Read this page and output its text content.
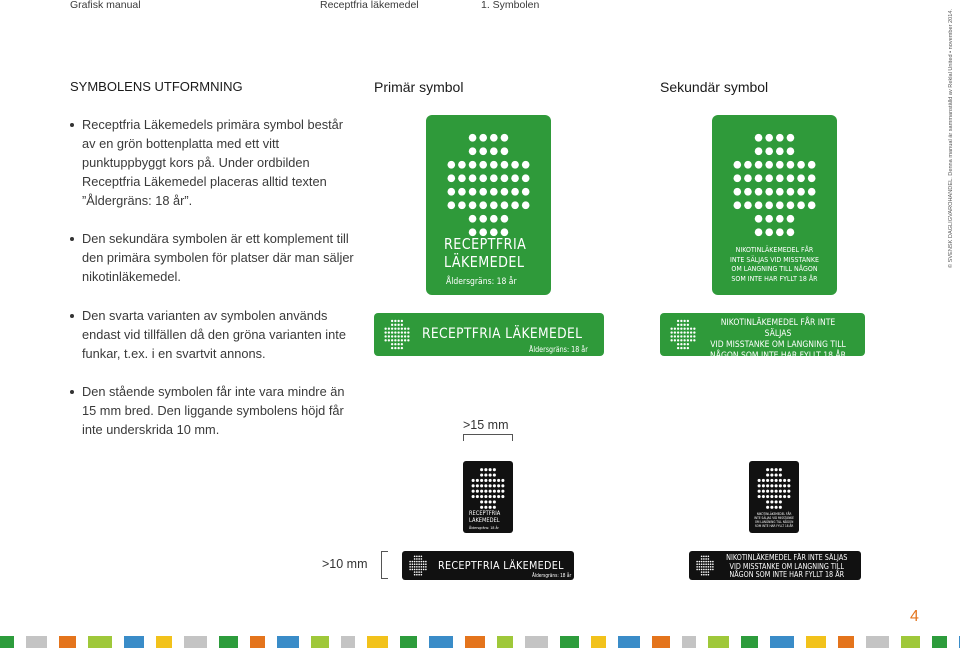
Grafisk manual	Receptfria läkemedel	1. Symbolen
SYMBOLENS UTFORMNING	Primär symbol	Sekundär symbol
Receptfria Läkemedels primära symbol består av en grön bottenplatta med ett vitt punktuppbyggt kors på. Under ordbilden Receptfria Läkemedel placeras alltid texten ”Åldergräns: 18 år”.
Den sekundära symbolen är ett komplement till den primära symbolen för platser där man säljer nikotinläkemedel.
Den svarta varianten av symbolen används endast vid tillfällen då den gröna varianten inte funkar, t.ex. i en svartvit annons.
Den stående symbolen får inte vara mindre än 15 mm bred. Den liggande symbolens höjd får inte underskrida 10 mm.
RECEPTFRIA
LÄKEMEDEL
Åldersgräns: 18 år
NIKOTINLÄKEMEDEL FÅR
INTE SÄLJAS VID MISSTANKE
OM LANGNING TILL NÅGON
SOM INTE HAR FYLLT 18 ÅR
RECEPTFRIA LÄKEMEDEL
Åldersgräns: 18 år
NIKOTINLÄKEMEDEL FÅR INTE SÄLJAS
VID MISSTANKE OM LANGNING TILL
NÅGON SOM INTE HAR FYLLT 18 ÅR
>15 mm
RECEPTFRIA
LÄKEMEDEL
Åldersgräns: 18 år
NIKOTINLÄKEMEDEL FÅR
INTE SÄLJAS VID MISSTANKE
OM LANGNING TILL NÅGON
SOM INTE HAR FYLLT 18 ÅR
>10 mm	RECEPTFRIA LÄKEMEDEL
Åldersgräns: 18 år
NIKOTINLÄKEMEDEL FÅR INTE SÄLJAS
VID MISSTANKE OM LANGNING TILL
NÅGON SOM INTE HAR FYLLT 18 ÅR
© SVENSK DAGLIGVAROHANDEL. Denna manual är sammanställd av Reklal United • november 2014.
4
